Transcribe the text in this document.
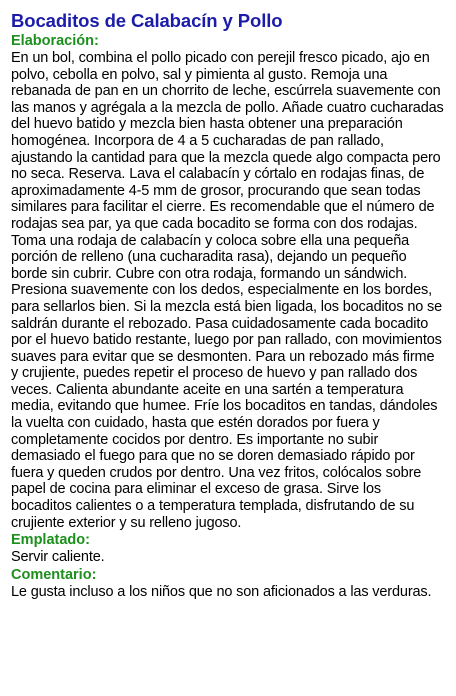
Bocaditos de Calabacín y Pollo
Elaboración:

En un bol, combina el pollo picado con perejil fresco picado, ajo en polvo, cebolla en polvo, sal y pimienta al gusto. Remoja una rebanada de pan en un chorrito de leche, escúrrela suavemente con las manos y agrégala a la mezcla de pollo. Añade cuatro cucharadas del huevo batido y mezcla bien hasta obtener una preparación homogénea. Incorpora de 4 a 5 cucharadas de pan rallado, ajustando la cantidad para que la mezcla quede algo compacta pero no seca. Reserva. Lava el calabacín y córtalo en rodajas finas, de aproximadamente 4-5 mm de grosor, procurando que sean todas similares para facilitar el cierre. Es recomendable que el número de rodajas sea par, ya que cada bocadito se forma con dos rodajas. Toma una rodaja de calabacín y coloca sobre ella una pequeña porción de relleno (una cucharadita rasa), dejando un pequeño borde sin cubrir. Cubre con otra rodaja, formando un sándwich. Presiona suavemente con los dedos, especialmente en los bordes, para sellarlos bien. Si la mezcla está bien ligada, los bocaditos no se saldrán durante el rebozado. Pasa cuidadosamente cada bocadito por el huevo batido restante, luego por pan rallado, con movimientos suaves para evitar que se desmonten. Para un rebozado más firme y crujiente, puedes repetir el proceso de huevo y pan rallado dos veces. Calienta abundante aceite en una sartén a temperatura media, evitando que humee. Fríe los bocaditos en tandas, dándoles la vuelta con cuidado, hasta que estén dorados por fuera y completamente cocidos por dentro. Es importante no subir demasiado el fuego para que no se doren demasiado rápido por fuera y queden crudos por dentro. Una vez fritos, colócalos sobre papel de cocina para eliminar el exceso de grasa. Sirve los bocaditos calientes o a temperatura templada, disfrutando de su crujiente exterior y su relleno jugoso.

Emplatado:

Servir caliente.

Comentario:

Le gusta incluso a los niños que no son aficionados a las verduras.
